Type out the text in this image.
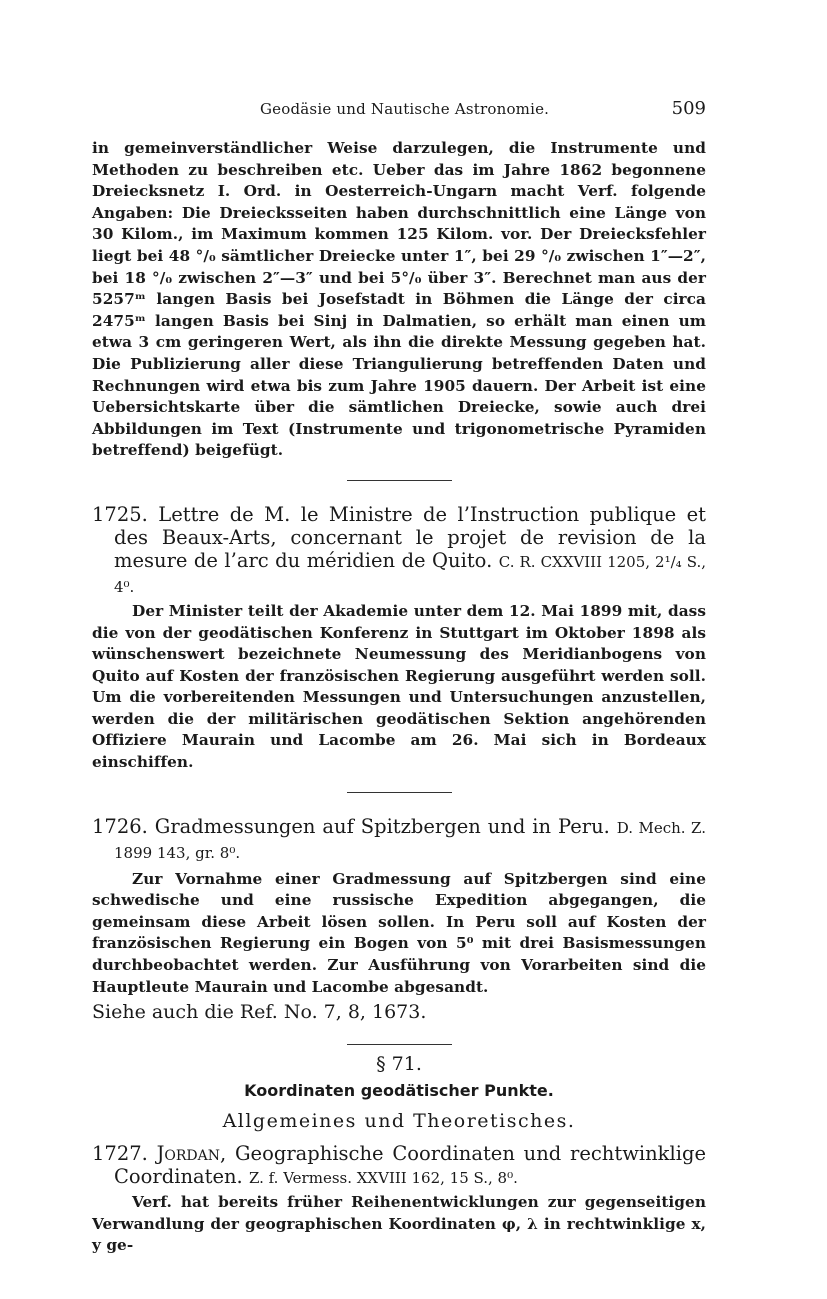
Geodäsie und Nautische Astronomie.	509

in gemeinverständlicher Weise darzulegen, die Instrumente und Methoden zu beschreiben etc. Ueber das im Jahre 1862 begonnene Dreiecksnetz I. Ord. in Oesterreich-Ungarn macht Verf. folgende Angaben: Die Dreiecksseiten haben durchschnittlich eine Länge von 30 Kilom., im Maximum kommen 125 Kilom. vor. Der Dreiecksfehler liegt bei 48 °/₀ sämtlicher Dreiecke unter 1″, bei 29 °/₀ zwischen 1″—2″, bei 18 °/₀ zwischen 2″—3″ und bei 5°/₀ über 3″. Berechnet man aus der 5257ᵐ langen Basis bei Josefstadt in Böhmen die Länge der circa 2475ᵐ langen Basis bei Sinj in Dalmatien, so erhält man einen um etwa 3 cm geringeren Wert, als ihn die direkte Messung gegeben hat. Die Publizierung aller diese Triangulierung betreffenden Daten und Rechnungen wird etwa bis zum Jahre 1905 dauern. Der Arbeit ist eine Uebersichtskarte über die sämtlichen Dreiecke, sowie auch drei Abbildungen im Text (Instrumente und trigonometrische Pyramiden betreffend) beigefügt.

1725. Lettre de M. le Ministre de l’Instruction publique et des Beaux-Arts, concernant le projet de revision de la mesure de l’arc du méridien de Quito. C. R. CXXVIII 1205, 2¹/₄ S., 4⁰.

Der Minister teilt der Akademie unter dem 12. Mai 1899 mit, dass die von der geodätischen Konferenz in Stuttgart im Oktober 1898 als wünschenswert bezeichnete Neumessung des Meridianbogens von Quito auf Kosten der französischen Regierung ausgeführt werden soll. Um die vorbereitenden Messungen und Untersuchungen anzustellen, werden die der militärischen geodätischen Sektion angehörenden Offiziere Maurain und Lacombe am 26. Mai sich in Bordeaux einschiffen.

1726. Gradmessungen auf Spitzbergen und in Peru. D. Mech. Z. 1899 143, gr. 8⁰.

Zur Vornahme einer Gradmessung auf Spitzbergen sind eine schwedische und eine russische Expedition abgegangen, die gemeinsam diese Arbeit lösen sollen. In Peru soll auf Kosten der französischen Regierung ein Bogen von 5⁰ mit drei Basismessungen durchbeobachtet werden. Zur Ausführung von Vorarbeiten sind die Hauptleute Maurain und Lacombe abgesandt.

Siehe auch die Ref. No. 7, 8, 1673.

§ 71.
Koordinaten geodätischer Punkte.
Allgemeines und Theoretisches.

1727. Jordan, Geographische Coordinaten und rechtwinklige Coordinaten. Z. f. Vermess. XXVIII 162, 15 S., 8⁰.

Verf. hat bereits früher Reihenentwicklungen zur gegenseitigen Verwandlung der geographischen Koordinaten φ, λ in rechtwinklige x, y ge-
